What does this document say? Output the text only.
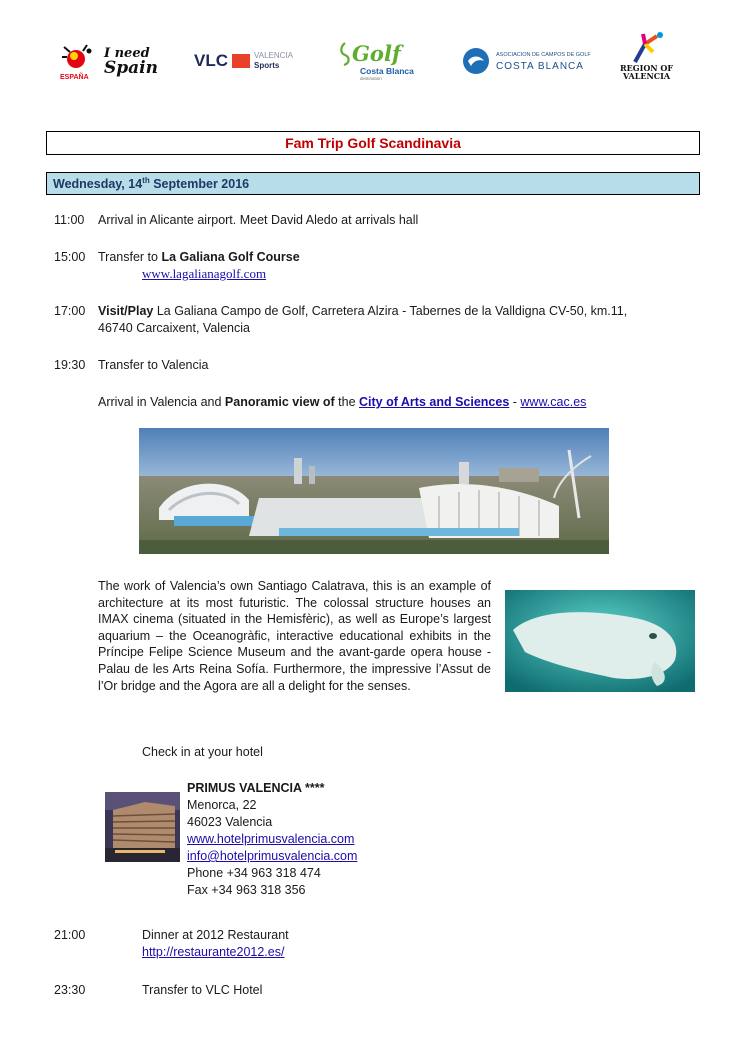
ESPAÑA
I need
Spain VLC	VALENCIA
Sports	Golf
Costa Blanca
destination
ASOCIACION DE CAMPOS DE GOLF
COSTA BLANCA	REGION OF
VALENCIA
Fam Trip Golf Scandinavia
Wednesday, 14th September 2016
11:00 Arrival in Alicante airport. Meet David Aledo at arrivals hall
15:00 Transfer to La Galiana Golf Course
www.lagalianagolf.com
17:00 Visit/Play La Galiana Campo de Golf, Carretera Alzira - Tabernes de la Valldigna CV-50, km.11,
46740 Carcaixent, Valencia
19:30 Transfer to Valencia
Arrival in Valencia and Panoramic view of the City of Arts and Sciences - www.cac.es
The work of Valencia’s own Santiago Calatrava, this is an example of architecture at its most futuristic. The colossal structure houses an IMAX cinema (situated in the Hemisfèric), as well as Europe’s largest aquarium – the Oceanogràfic, interactive educational exhibits in the Príncipe Felipe Science Museum and the avant-garde opera house - Palau de les Arts Reina Sofía. Furthermore, the impressive l’Assut de l’Or bridge and the Agora are all a delight for the senses.
Check in at your hotel
PRIMUS VALENCIA ****
Menorca, 22
46023 Valencia
www.hotelprimusvalencia.com
info@hotelprimusvalencia.com
Phone +34 963 318 474
Fax +34 963 318 356
21:00	Dinner at 2012 Restaurant
http://restaurante2012.es/
23:30	Transfer to VLC Hotel
